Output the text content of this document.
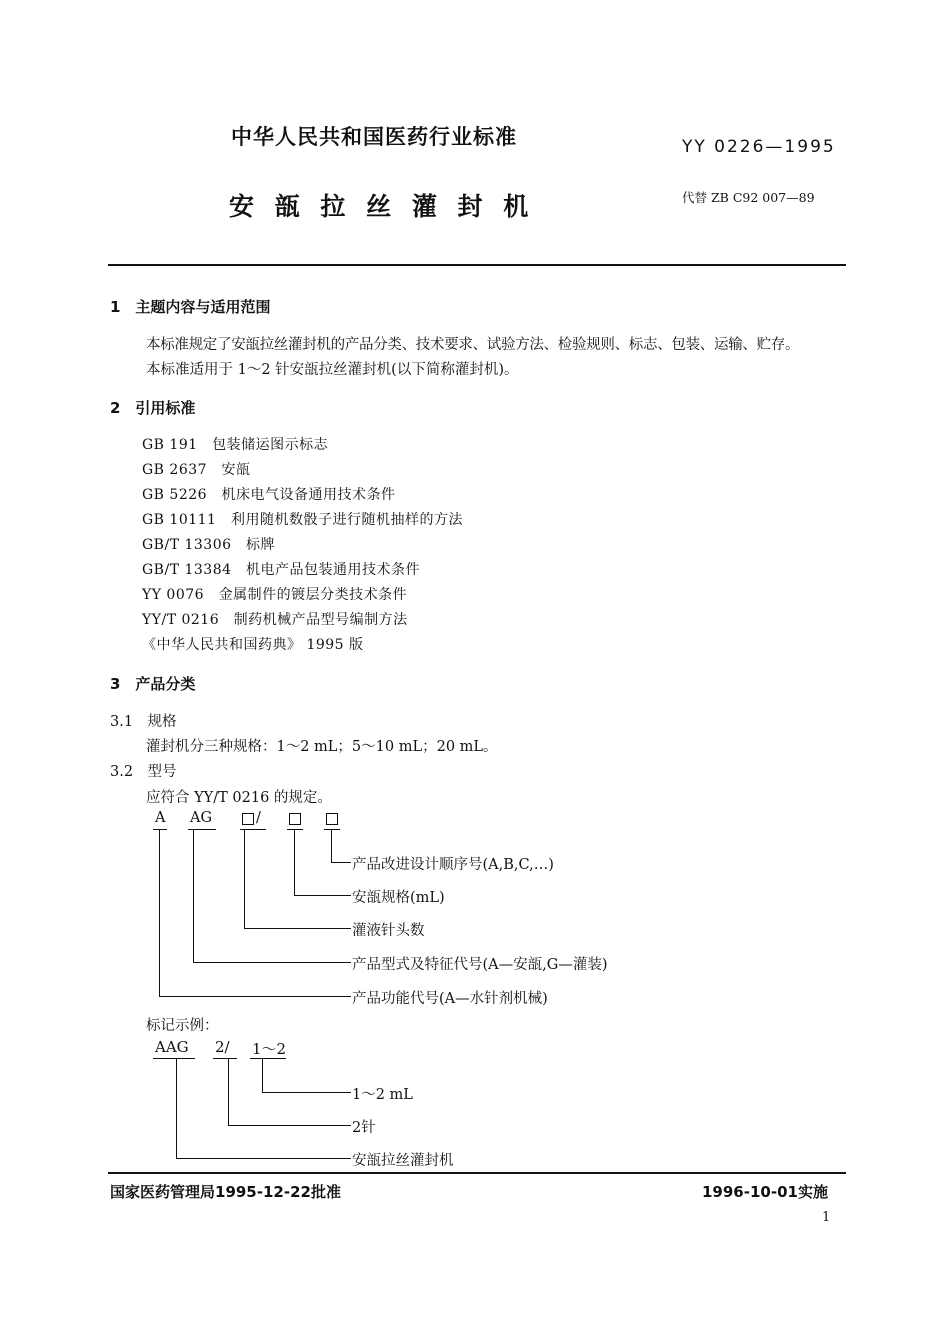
中华人民共和国医药行业标准	YY 0226—1995
安 瓿 拉 丝 灌 封 机	代替 ZB C92 007—89
1　主题内容与适用范围
本标准规定了安瓿拉丝灌封机的产品分类、技术要求、试验方法、检验规则、标志、包装、运输、贮存。
本标准适用于 1～2 针安瓿拉丝灌封机(以下简称灌封机)。
2　引用标准
GB 191　包装储运图示标志
GB 2637　安瓿
GB 5226　机床电气设备通用技术条件
GB 10111　利用随机数骰子进行随机抽样的方法
GB/T 13306　标牌
GB/T 13384　机电产品包装通用技术条件
YY 0076　金属制件的镀层分类技术条件
YY/T 0216　制药机械产品型号编制方法
《中华人民共和国药典》 1995 版
3　产品分类
3.1　规格
灌封机分三种规格：1～2 mL；5～10 mL；20 mL。
3.2　型号
应符合 YY/T 0216 的规定。
A AG	/
产品改进设计顺序号(A,B,C,…)
安瓿规格(mL)
灌液针头数
产品型式及特征代号(A—安瓿,G—灌装)
产品功能代号(A—水针剂机械)
标记示例：
AAG 2/ 1～2
1～2 mL
2针
安瓿拉丝灌封机
国家医药管理局1995-12-22批准	1996-10-01实施
1
